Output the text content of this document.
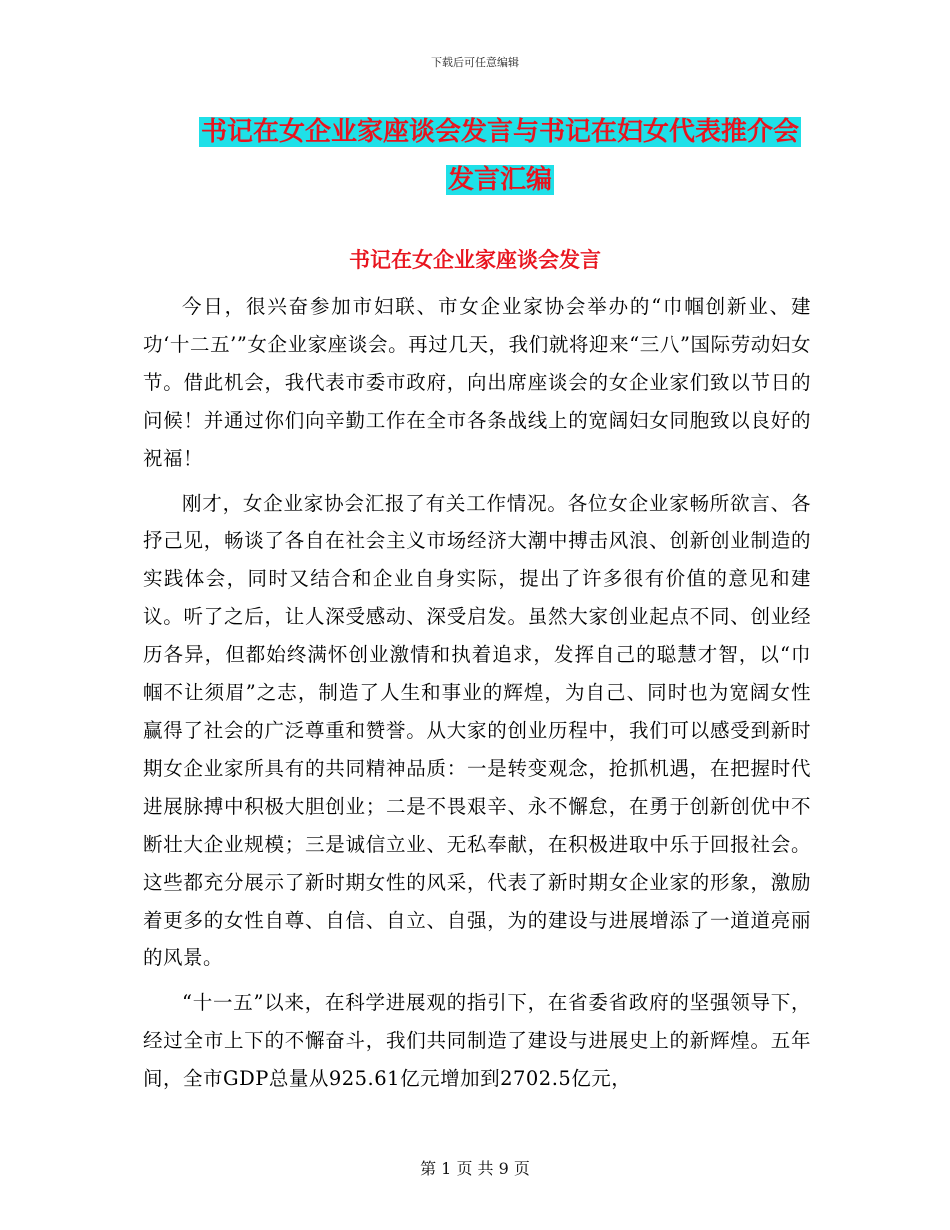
下载后可任意编辑
书记在女企业家座谈会发言与书记在妇女代表推介会
发言汇编
书记在女企业家座谈会发言

今日，很兴奋参加市妇联、市女企业家协会举办的“巾帼创新业、建功‘十二五’”女企业家座谈会。再过几天，我们就将迎来“三八”国际劳动妇女节。借此机会，我代表市委市政府，向出席座谈会的女企业家们致以节日的问候！并通过你们向辛勤工作在全市各条战线上的宽阔妇女同胞致以良好的祝福！

刚才，女企业家协会汇报了有关工作情况。各位女企业家畅所欲言、各抒己见，畅谈了各自在社会主义市场经济大潮中搏击风浪、创新创业制造的实践体会，同时又结合和企业自身实际，提出了许多很有价值的意见和建议。听了之后，让人深受感动、深受启发。虽然大家创业起点不同、创业经历各异，但都始终满怀创业激情和执着追求，发挥自己的聪慧才智，以“巾帼不让须眉”之志，制造了人生和事业的辉煌，为自己、同时也为宽阔女性赢得了社会的广泛尊重和赞誉。从大家的创业历程中，我们可以感受到新时期女企业家所具有的共同精神品质：一是转变观念，抢抓机遇，在把握时代进展脉搏中积极大胆创业；二是不畏艰辛、永不懈怠，在勇于创新创优中不断壮大企业规模；三是诚信立业、无私奉献，在积极进取中乐于回报社会。这些都充分展示了新时期女性的风采，代表了新时期女企业家的形象，激励着更多的女性自尊、自信、自立、自强，为的建设与进展增添了一道道亮丽的风景。

“十一五”以来，在科学进展观的指引下，在省委省政府的坚强领导下，经过全市上下的不懈奋斗，我们共同制造了建设与进展史上的新辉煌。五年间，全市GDP总量从925.61亿元增加到2702.5亿元，

第 1 页 共 9 页
